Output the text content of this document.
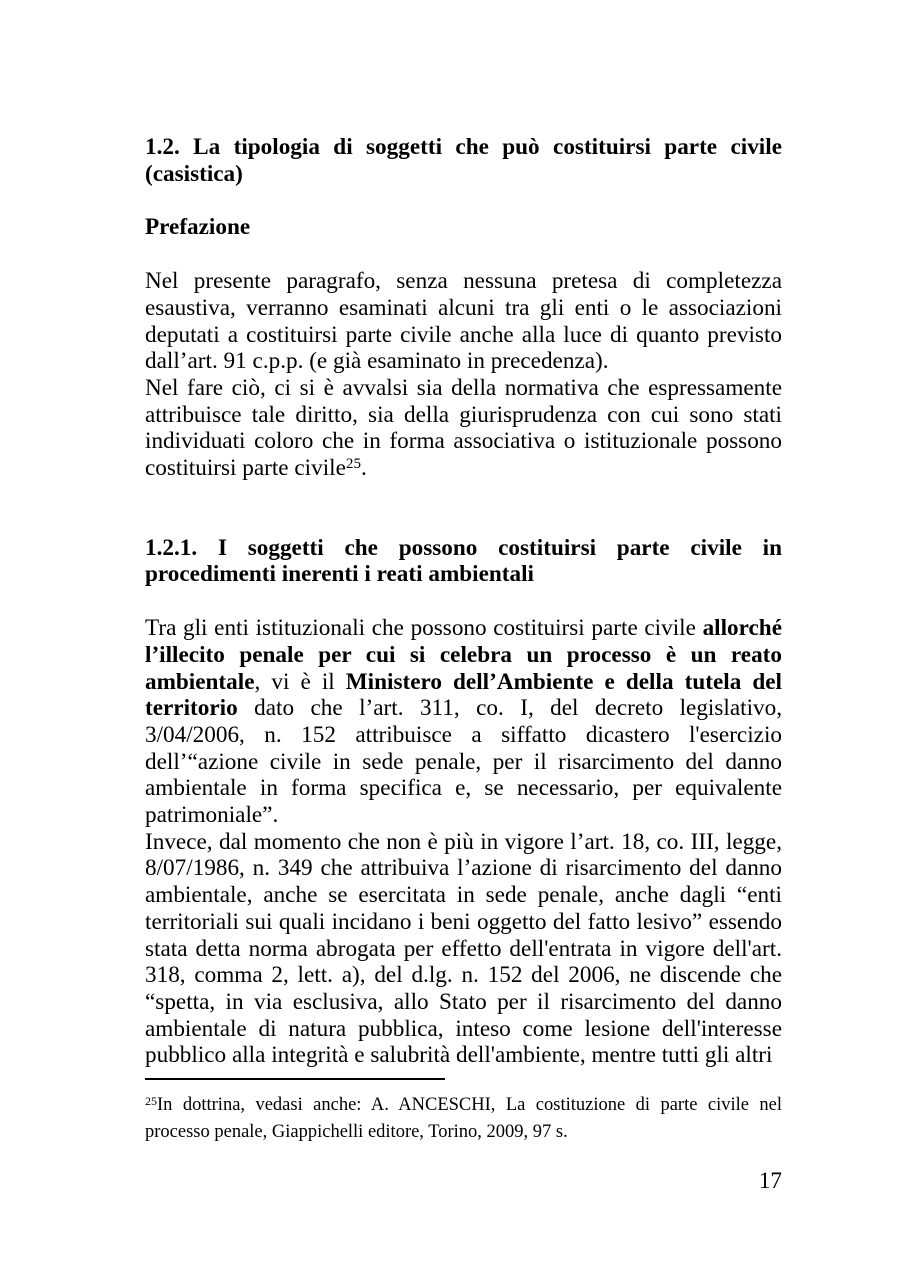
1.2. La tipologia di soggetti che può costituirsi parte civile (casistica)
Prefazione

Nel presente paragrafo, senza nessuna pretesa di completezza esaustiva, verranno esaminati alcuni tra gli enti o le associazioni deputati a costituirsi parte civile anche alla luce di quanto previsto dall’art. 91 c.p.p. (e già esaminato in precedenza).

Nel fare ciò, ci si è avvalsi sia della normativa che espressamente attribuisce tale diritto, sia della giurisprudenza con cui sono stati individuati coloro che in forma associativa o istituzionale possono costituirsi parte civile$^{25}$.

1.2.1. I soggetti che possono costituirsi parte civile in procedimenti inerenti i reati ambientali

Tra gli enti istituzionali che possono costituirsi parte civile allorché l’illecito penale per cui si celebra un processo è un reato ambientale, vi è il Ministero dell’Ambiente e della tutela del territorio dato che l’art. 311, co. I, del decreto legislativo, 3/04/2006, n. 152 attribuisce a siffatto dicastero l'esercizio dell’“azione civile in sede penale, per il risarcimento del danno ambientale in forma specifica e, se necessario, per equivalente patrimoniale”.

Invece, dal momento che non è più in vigore l’art. 18, co. III, legge, 8/07/1986, n. 349 che attribuiva l’azione di risarcimento del danno ambientale, anche se esercitata in sede penale, anche dagli “enti territoriali sui quali incidano i beni oggetto del fatto lesivo” essendo stata detta norma abrogata per effetto dell'entrata in vigore dell'art. 318, comma 2, lett. a), del d.lg. n. 152 del 2006, ne discende che “spetta, in via esclusiva, allo Stato per il risarcimento del danno ambientale di natura pubblica, inteso come lesione dell'interesse pubblico alla integrità e salubrità dell'ambiente, mentre tutti gli altri

$^{25}$In dottrina, vedasi anche: A. ANCESCHI, La costituzione di parte civile nel processo penale, Giappichelli editore, Torino, 2009, 97 s.

17
